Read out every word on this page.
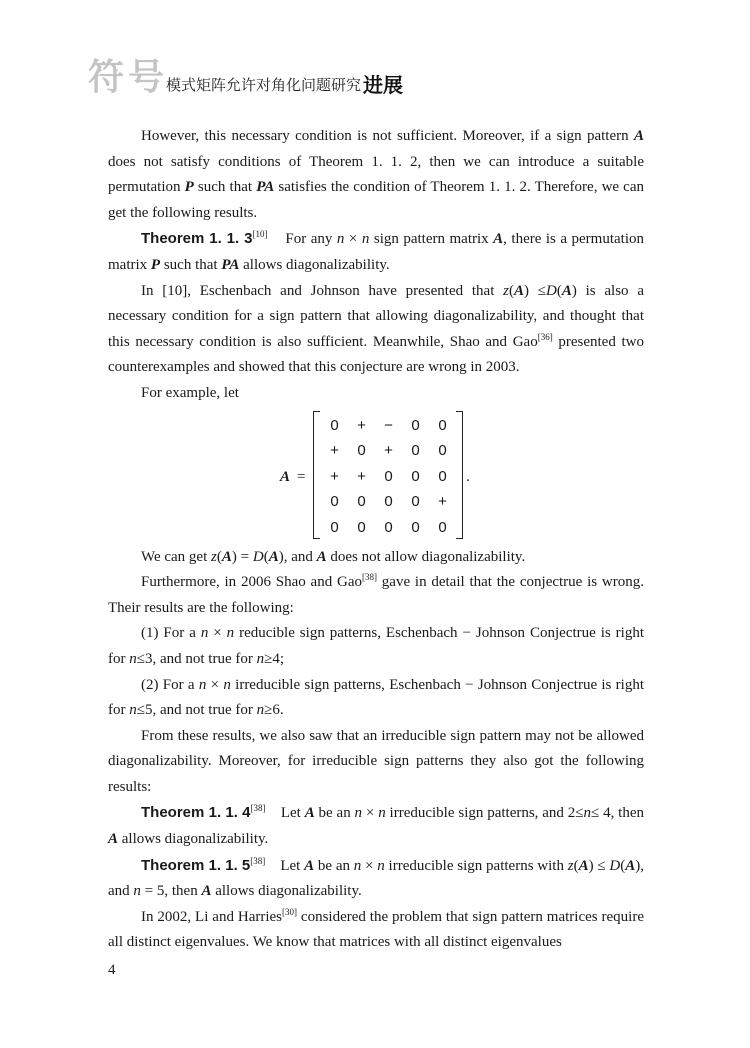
符 号 模式矩阵允许对角化问题研究 进展

However, this necessary condition is not sufficient. Moreover, if a sign pattern A does not satisfy conditions of Theorem 1. 1. 2, then we can introduce a suitable permutation P such that PA satisfies the condition of Theorem 1. 1. 2. Therefore, we can get the following results.

Theorem 1. 1. 3[10]    For any n × n sign pattern matrix A, there is a permutation matrix P such that PA allows diagonalizability.

In [10], Eschenbach and Johnson have presented that z(A) ≤D(A) is also a necessary condition for a sign pattern that allowing diagonalizability, and thought that this necessary condition is also sufficient. Meanwhile, Shao and Gao[36] presented two counterexamples and showed that this conjecture are wrong in 2003.

For example, let

A =
0	+	−	0	0
+	0	+	0	0
+	+	0	0	0
0	0	0	0	+
0	0	0	0	0
.

We can get z(A) = D(A), and A does not allow diagonalizability.

Furthermore, in 2006 Shao and Gao[38] gave in detail that the conjectrue is wrong. Their results are the following:

(1) For a n × n reducible sign patterns, Eschenbach − Johnson Conjectrue is right for n≤3, and not true for n≥4;

(2) For a n × n irreducible sign patterns, Eschenbach − Johnson Conjectrue is right for n≤5, and not true for n≥6.

From these results, we also saw that an irreducible sign pattern may not be allowed diagonalizability. Moreover, for irreducible sign patterns they also got the following results:

Theorem 1. 1. 4[38]    Let A be an n × n irreducible sign patterns, and 2≤n≤ 4, then A allows diagonalizability.

Theorem 1. 1. 5[38]    Let A be an n × n irreducible sign patterns with z(A) ≤ D(A), and n = 5, then A allows diagonalizability.

In 2002, Li and Harries[30] considered the problem that sign pattern matrices require all distinct eigenvalues. We know that matrices with all distinct eigenvalues

4
